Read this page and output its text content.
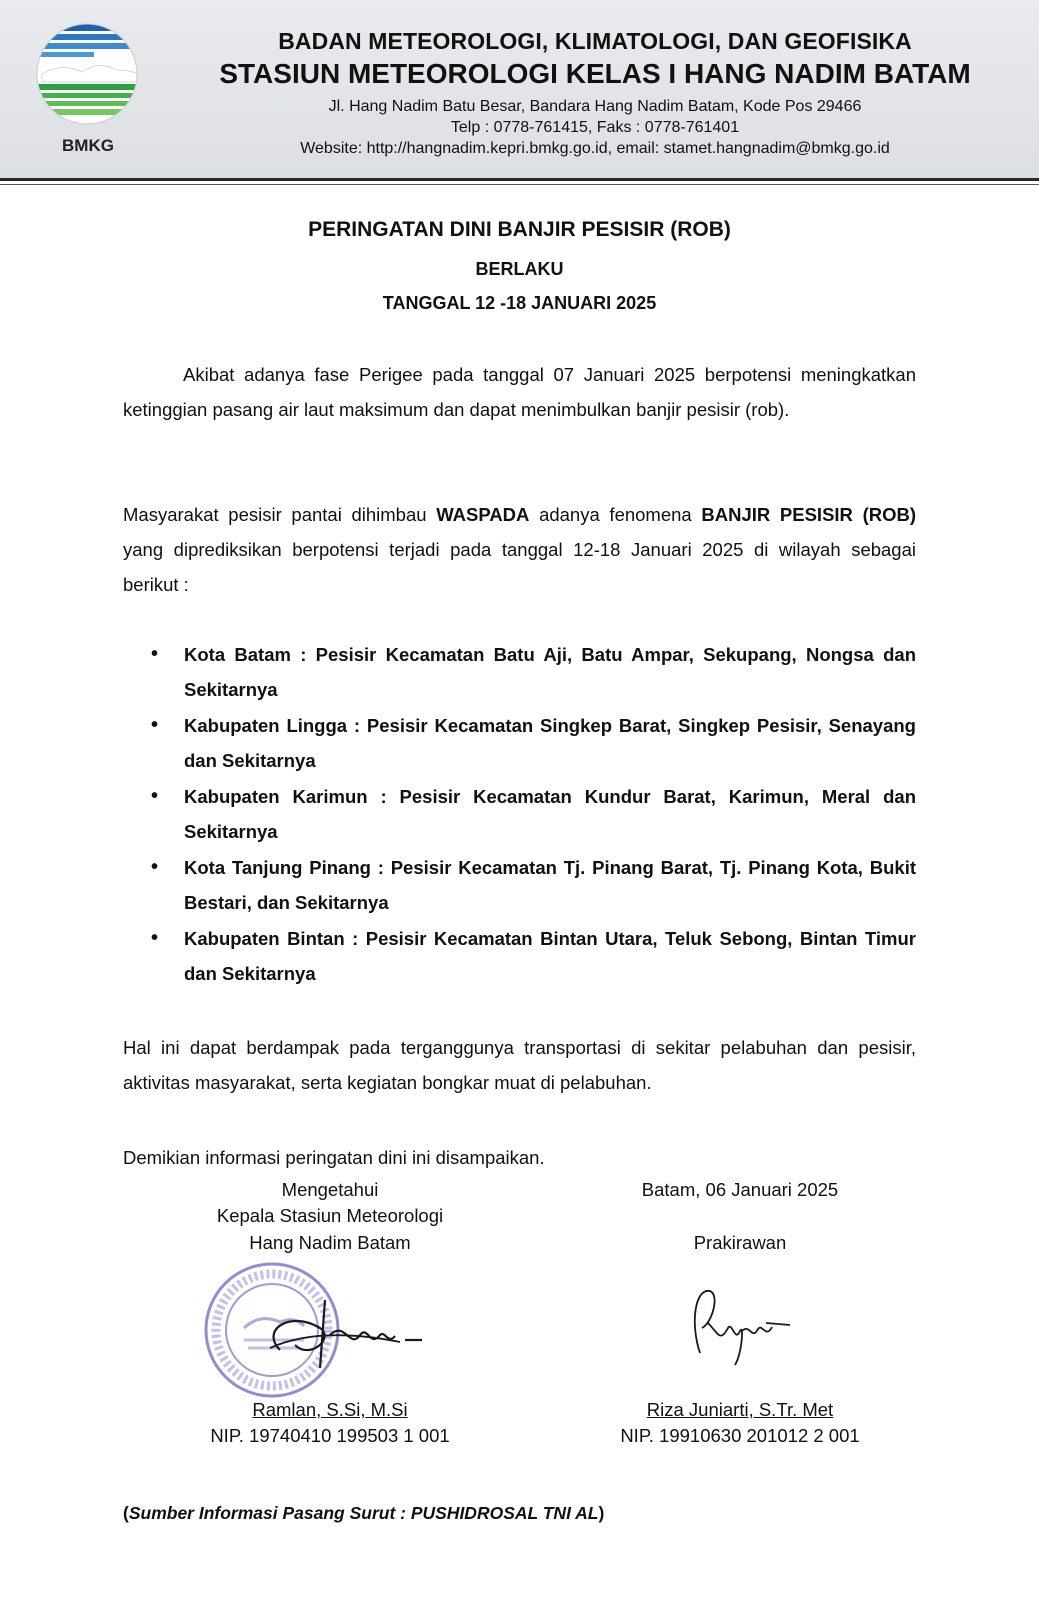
BMKG
BADAN METEOROLOGI, KLIMATOLOGI, DAN GEOFISIKA
STASIUN METEOROLOGI KELAS I HANG NADIM BATAM
Jl. Hang Nadim Batu Besar, Bandara Hang Nadim Batam, Kode Pos 29466
Telp : 0778-761415, Faks : 0778-761401
Website: http://hangnadim.kepri.bmkg.go.id, email: stamet.hangnadim@bmkg.go.id
PERINGATAN DINI BANJIR PESISIR (ROB)
BERLAKU
TANGGAL 12 -18 JANUARI 2025
Akibat adanya fase Perigee pada tanggal 07 Januari 2025 berpotensi meningkatkan ketinggian pasang air laut maksimum dan dapat menimbulkan banjir pesisir (rob).
Masyarakat pesisir pantai dihimbau WASPADA adanya fenomena BANJIR PESISIR (ROB) yang diprediksikan berpotensi terjadi pada tanggal 12-18 Januari 2025 di wilayah sebagai berikut :
• Kota Batam : Pesisir Kecamatan Batu Aji, Batu Ampar, Sekupang, Nongsa dan Sekitarnya
• Kabupaten Lingga : Pesisir Kecamatan Singkep Barat, Singkep Pesisir, Senayang dan Sekitarnya
• Kabupaten Karimun : Pesisir Kecamatan Kundur Barat, Karimun, Meral dan Sekitarnya
• Kota Tanjung Pinang : Pesisir Kecamatan Tj. Pinang Barat, Tj. Pinang Kota, Bukit Bestari, dan Sekitarnya
• Kabupaten Bintan : Pesisir Kecamatan Bintan Utara, Teluk Sebong, Bintan Timur dan Sekitarnya
Hal ini dapat berdampak pada terganggunya transportasi di sekitar pelabuhan dan pesisir, aktivitas masyarakat, serta kegiatan bongkar muat di pelabuhan.
Demikian informasi peringatan dini ini disampaikan.
Mengetahui
Kepala Stasiun Meteorologi
Hang Nadim Batam
Batam, 06 Januari 2025
Prakirawan
Ramlan, S.Si, M.Si
NIP. 19740410 199503 1 001
Riza Juniarti, S.Tr. Met
NIP. 19910630 201012 2 001
(Sumber Informasi Pasang Surut : PUSHIDROSAL TNI AL)
